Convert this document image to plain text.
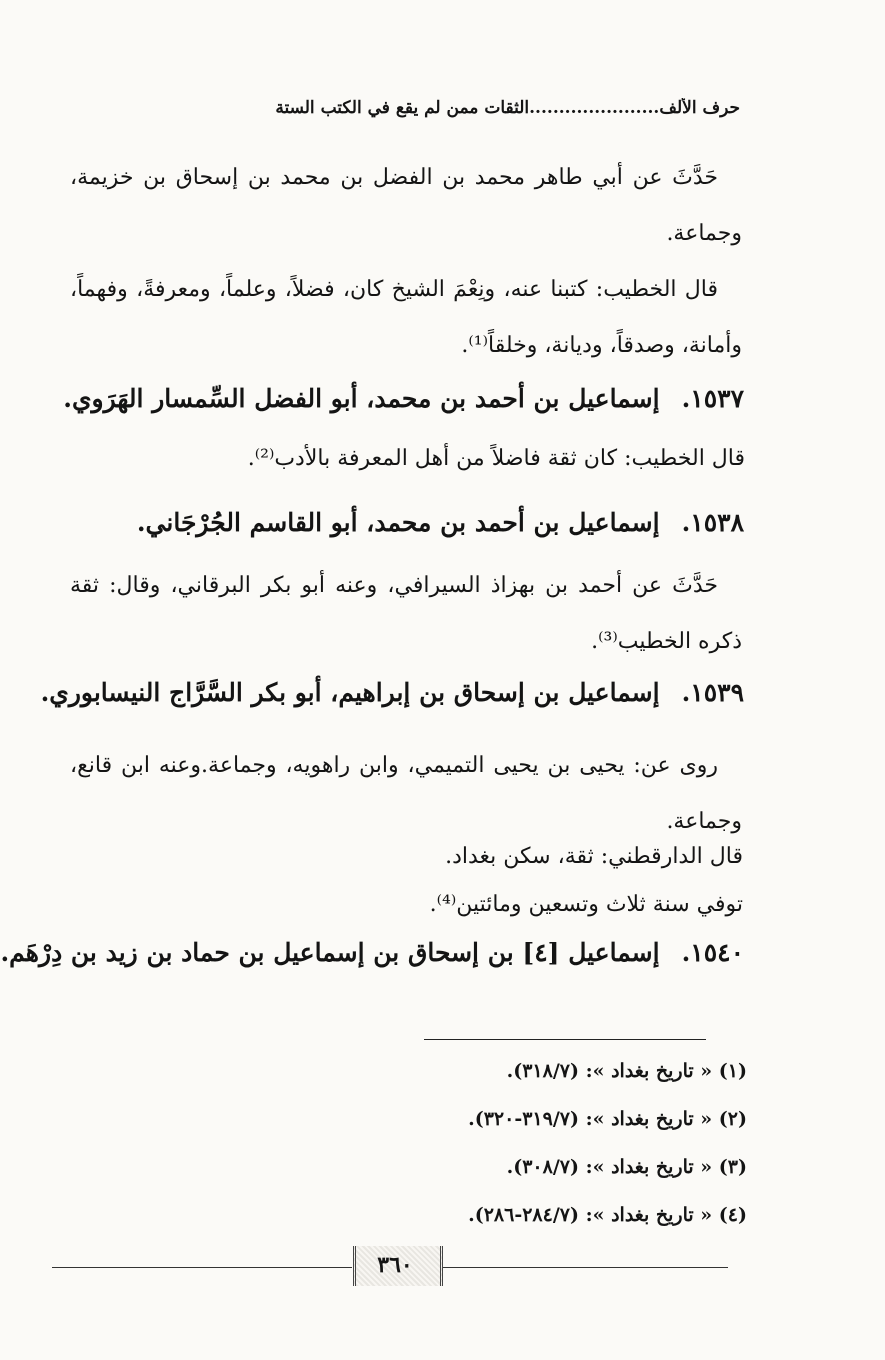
حرف الألف......................الثقات ممن لم يقع في الكتب الستة
حَدَّثَ عن أبي طاهر محمد بن الفضل بن محمد بن إسحاق بن خزيمة، وجماعة.
قال الخطيب: كتبنا عنه، ونِعْمَ الشيخ كان، فضلاً، وعلماً، ومعرفةً، وفهماً، وأمانة، وصدقاً، وديانة، وخلقاً⁽¹⁾.
١٥٣٧.إسماعيل بن أحمد بن محمد، أبو الفضل السِّمسار الهَرَوي.
قال الخطيب: كان ثقة فاضلاً من أهل المعرفة بالأدب⁽²⁾.
١٥٣٨.إسماعيل بن أحمد بن محمد، أبو القاسم الجُرْجَاني.
حَدَّثَ عن أحمد بن بهزاذ السيرافي، وعنه أبو بكر البرقاني، وقال: ثقة ذكره الخطيب⁽³⁾.
١٥٣٩.إسماعيل بن إسحاق بن إبراهيم، أبو بكر السَّرَّاج النيسابوري.
روى عن: يحيى بن يحيى التميمي، وابن راهويه، وجماعة.وعنه ابن قانع، وجماعة.
قال الدارقطني: ثقة، سكن بغداد.
توفي سنة ثلاث وتسعين ومائتين⁽⁴⁾.
١٥٤٠.إسماعيل [٤] بن إسحاق بن إسماعيل بن حماد بن زيد بن دِرْهَم.
(١) « تاريخ بغداد »: (٣١٨/٧).
(٢) « تاريخ بغداد »: (٣١٩/٧-٣٢٠).
(٣) « تاريخ بغداد »: (٣٠٨/٧).
(٤) « تاريخ بغداد »: (٢٨٤/٧-٢٨٦).
٣٦٠
